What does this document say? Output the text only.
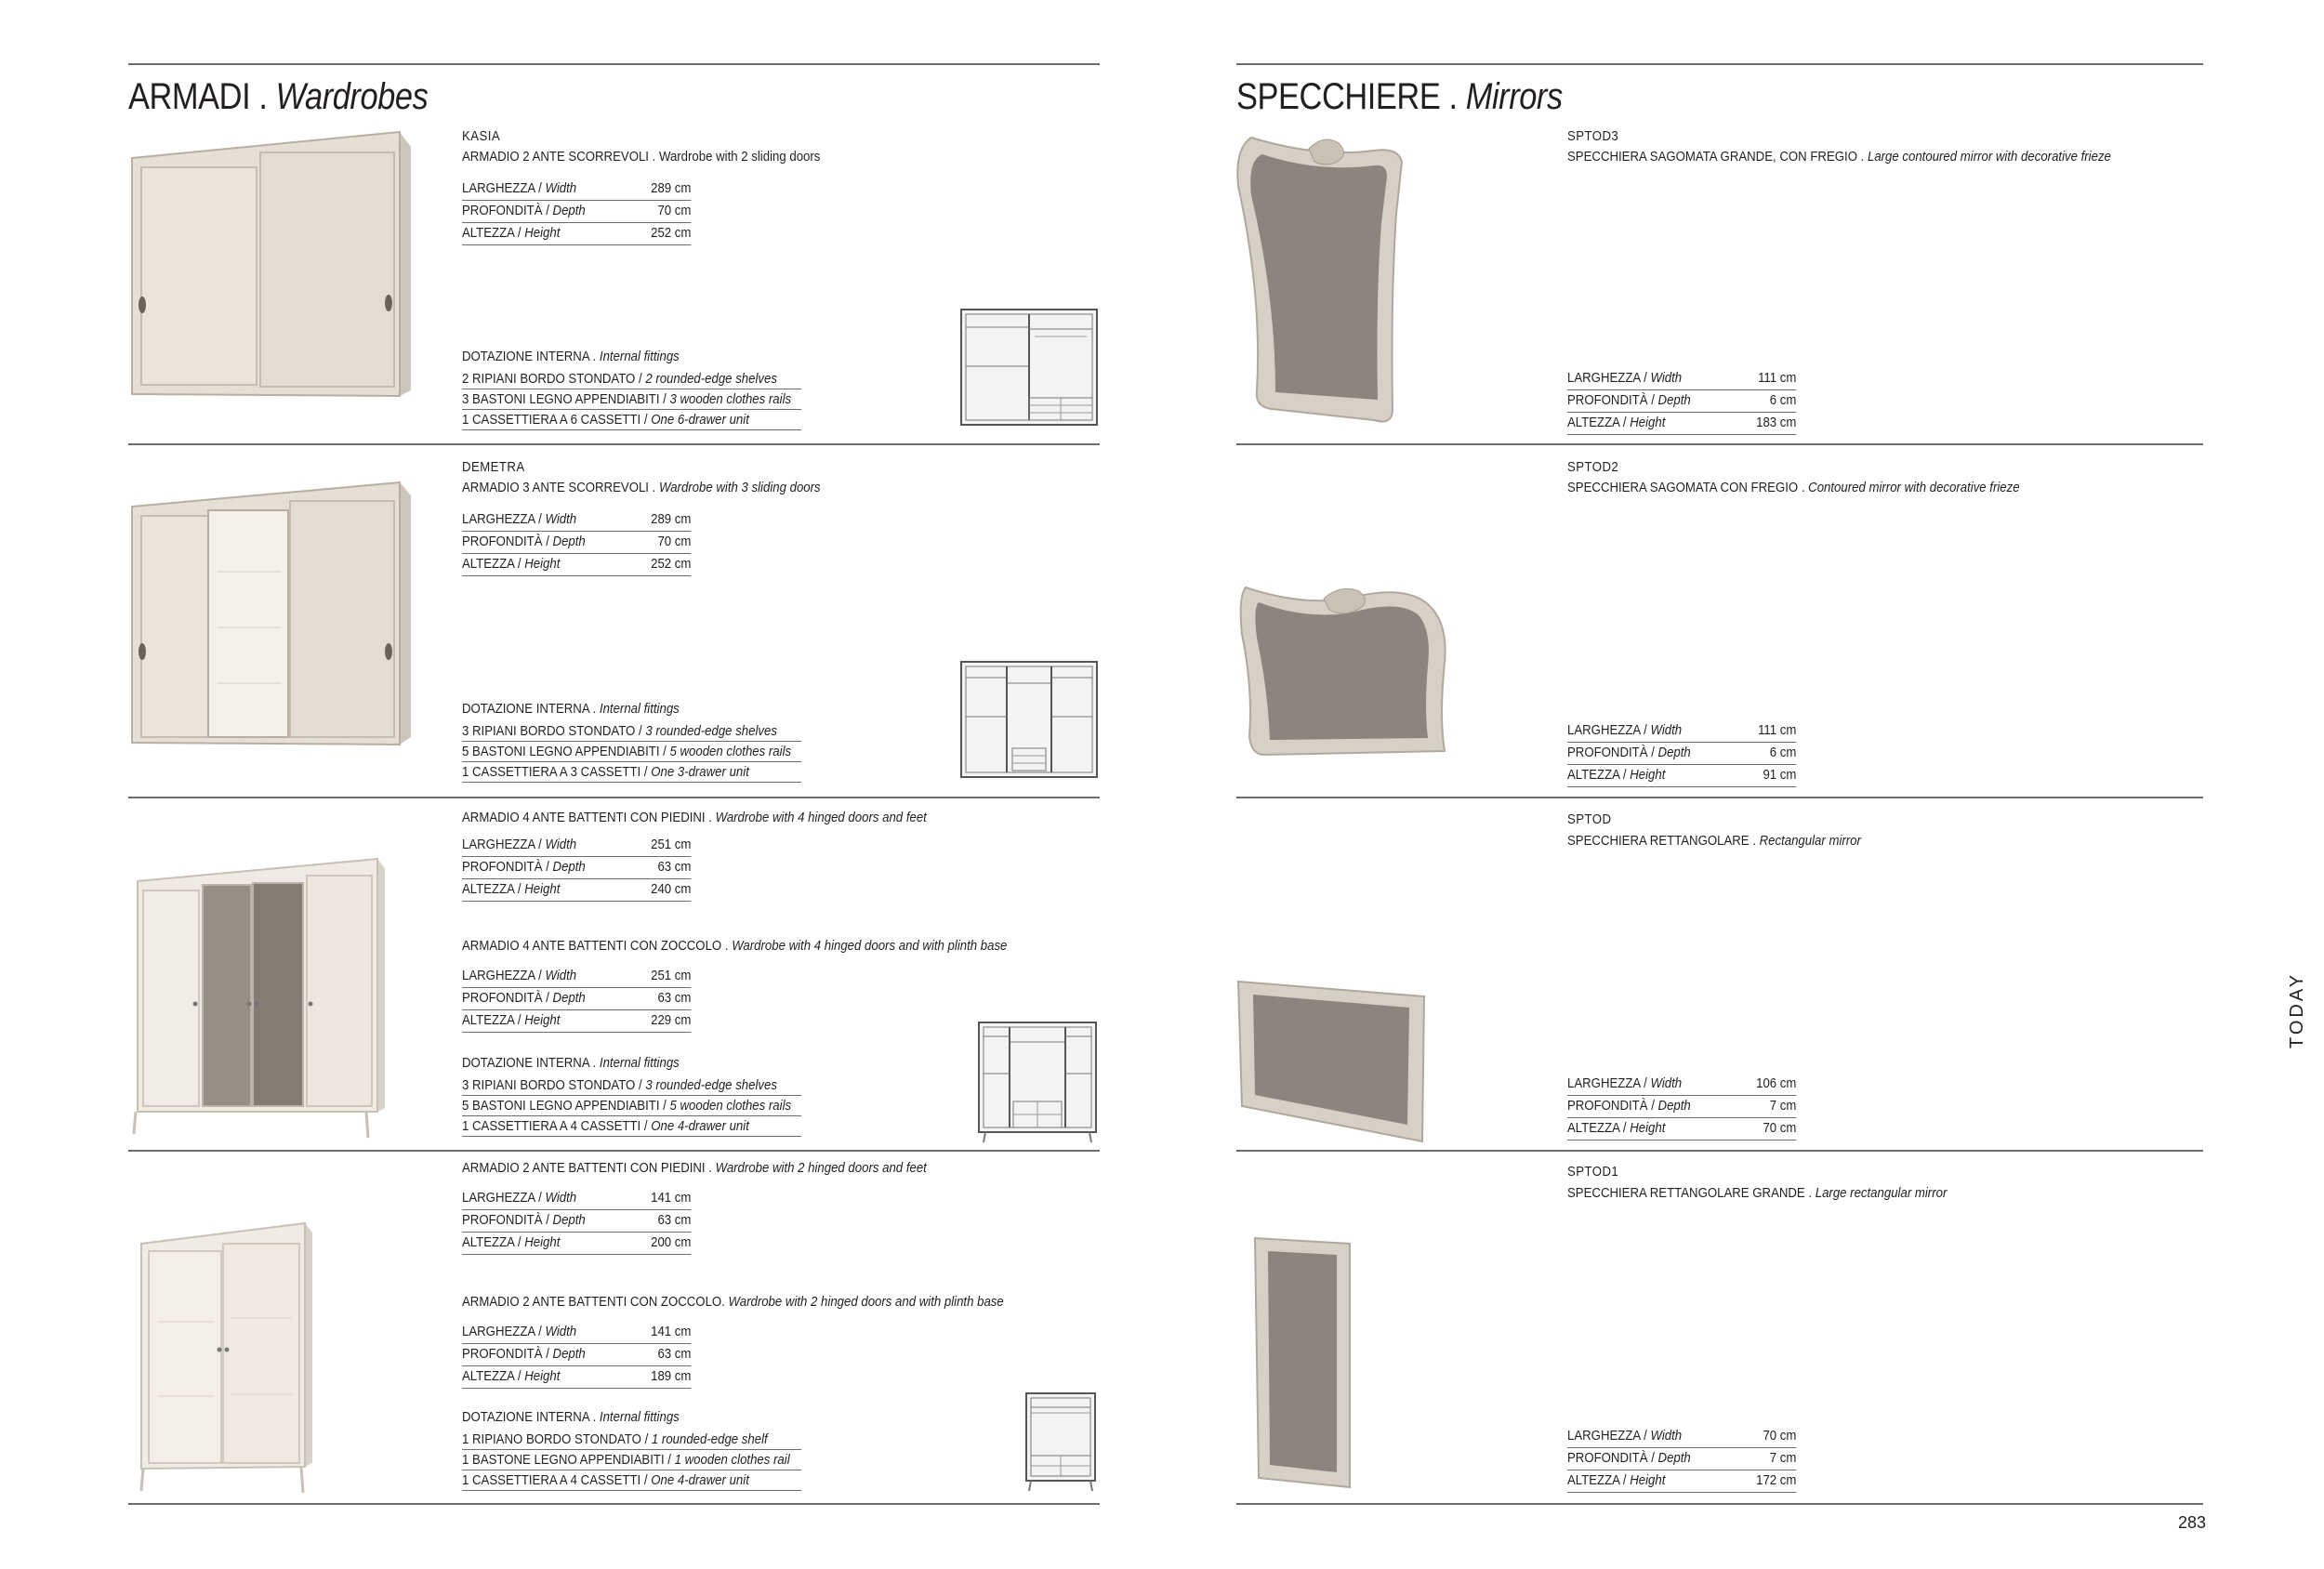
ARMADI . Wardrobes	SPECCHIERE . Mirrors
KASIA
ARMADIO 2 ANTE SCORREVOLI . Wardrobe with 2 sliding doors
LARGHEZZA / Width	289 cm
PROFONDITÀ / Depth	70 cm
ALTEZZA / Height	252 cm
DOTAZIONE INTERNA . Internal fittings
2 RIPIANI BORDO STONDATO / 2 rounded-edge shelves
3 BASTONI LEGNO APPENDIABITI / 3 wooden clothes rails
1 CASSETTIERA A 6 CASSETTI / One 6-drawer unit
DEMETRA
ARMADIO 3 ANTE SCORREVOLI . Wardrobe with 3 sliding doors
LARGHEZZA / Width	289 cm
PROFONDITÀ / Depth	70 cm
ALTEZZA / Height	252 cm
DOTAZIONE INTERNA . Internal fittings
3 RIPIANI BORDO STONDATO / 3 rounded-edge shelves
5 BASTONI LEGNO APPENDIABITI / 5 wooden clothes rails
1 CASSETTIERA A 3 CASSETTI / One 3-drawer unit
ARMADIO 4 ANTE BATTENTI CON PIEDINI . Wardrobe with 4 hinged doors and feet
LARGHEZZA / Width	251 cm
PROFONDITÀ / Depth	63 cm
ALTEZZA / Height	240 cm
ARMADIO 4 ANTE BATTENTI CON ZOCCOLO . Wardrobe with 4 hinged doors and with plinth base
LARGHEZZA / Width	251 cm
PROFONDITÀ / Depth	63 cm
ALTEZZA / Height	229 cm
DOTAZIONE INTERNA . Internal fittings
3 RIPIANI BORDO STONDATO / 3 rounded-edge shelves
5 BASTONI LEGNO APPENDIABITI / 5 wooden clothes rails
1 CASSETTIERA A 4 CASSETTI / One 4-drawer unit
ARMADIO 2 ANTE BATTENTI CON PIEDINI . Wardrobe with 2 hinged doors and feet
LARGHEZZA / Width	141 cm
PROFONDITÀ / Depth	63 cm
ALTEZZA / Height	200 cm
ARMADIO 2 ANTE BATTENTI CON ZOCCOLO. Wardrobe with 2 hinged doors and with plinth base
LARGHEZZA / Width	141 cm
PROFONDITÀ / Depth	63 cm
ALTEZZA / Height	189 cm
DOTAZIONE INTERNA . Internal fittings
1 RIPIANO BORDO STONDATO / 1 rounded-edge shelf
1 BASTONE LEGNO APPENDIABITI / 1 wooden clothes rail
1 CASSETTIERA A 4 CASSETTI / One 4-drawer unit
SPTOD3
SPECCHIERA SAGOMATA GRANDE, CON FREGIO . Large contoured mirror with decorative frieze
LARGHEZZA / Width	111 cm
PROFONDITÀ / Depth	6 cm
ALTEZZA / Height	183 cm
SPTOD2
SPECCHIERA SAGOMATA CON FREGIO . Contoured mirror with decorative frieze
LARGHEZZA / Width	111 cm
PROFONDITÀ / Depth	6 cm
ALTEZZA / Height	91 cm
SPTOD
SPECCHIERA RETTANGOLARE . Rectangular mirror
LARGHEZZA / Width	106 cm
PROFONDITÀ / Depth	7 cm
ALTEZZA / Height	70 cm
SPTOD1
SPECCHIERA RETTANGOLARE GRANDE . Large rectangular mirror
LARGHEZZA / Width	70 cm
PROFONDITÀ / Depth	7 cm
ALTEZZA / Height	172 cm
TODAY
283
